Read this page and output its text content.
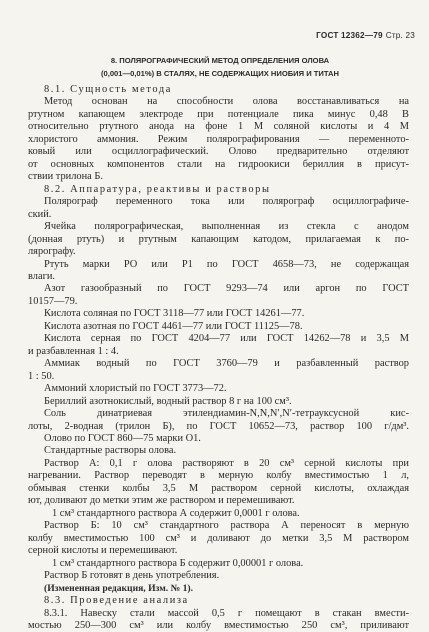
ГОСТ 12362—79 Стр. 23
8. ПОЛЯРОГРАФИЧЕСКИЙ МЕТОД ОПРЕДЕЛЕНИЯ ОЛОВА
(0,001—0,01%) В СТАЛЯХ, НЕ СОДЕРЖАЩИХ НИОБИЯ И ТИТАН
8.1. Сущность метода
Метод основан на способности олова восстанавливаться на
ртутном капающем электроде при потенциале пика минус 0,48 В
относительно ртутного анода на фоне 1 М соляной кислоты и 4 М
хлористого аммония. Режим полярографирования — переменното-
ковый или осциллографический. Олово предварительно отделяют
от основных компонентов стали на гидроокиси бериллия в присут-
ствии трилона Б.
8.2. Аппаратура, реактивы и растворы
Полярограф переменного тока или полярограф осциллографиче-
ский.
Ячейка полярографическая, выполненная из стекла с анодом
(донная ртуть) и ртутным капающим катодом, прилагаемая к по-
лярографу.
Ртуть марки РО или Р1 по ГОСТ 4658—73, не содержащая
влаги.
Азот газообразный по ГОСТ 9293—74 или аргон по ГОСТ
10157—79.
Кислота соляная по ГОСТ 3118—77 или ГОСТ 14261—77.
Кислота азотная по ГОСТ 4461—77 или ГОСТ 11125—78.
Кислота серная по ГОСТ 4204—77 или ГОСТ 14262—78 и 3,5 М
и разбавленная 1 : 4.
Аммиак водный по ГОСТ 3760—79 и разбавленный раствор
1 : 50.
Аммоний хлористый по ГОСТ 3773—72.
Бериллий азотнокислый, водный раствор 8 г на 100 см³.
Соль динатриевая этилендиамин-N,N,N′,N′-тетрауксусной кис-
лоты, 2-водная (трилон Б), по ГОСТ 10652—73, раствор 100 г/дм³.
Олово по ГОСТ 860—75 марки О1.
Стандартные растворы олова.
Раствор А: 0,1 г олова растворяют в 20 см³ серной кислоты при
нагревании. Раствор переводят в мерную колбу вместимостью 1 л,
обмывая стенки колбы 3,5 М раствором серной кислоты, охлаждая
ют, доливают до метки этим же раствором и перемешивают.
1 см³ стандартного раствора А содержит 0,0001 г олова.
Раствор Б: 10 см³ стандартного раствора А переносят в мерную
колбу вместимостью 100 см³ и доливают до метки 3,5 М раствором
серной кислоты и перемешивают.
1 см³ стандартного раствора Б содержит 0,00001 г олова.
Раствор Б готовят в день употребления.
(Измененная редакция, Изм. № 1).
8.3. Проведение анализа
8.3.1. Навеску стали массой 0,5 г помещают в стакан вмести-
мостью 250—300 см³ или колбу вместимостью 250 см³, приливают
